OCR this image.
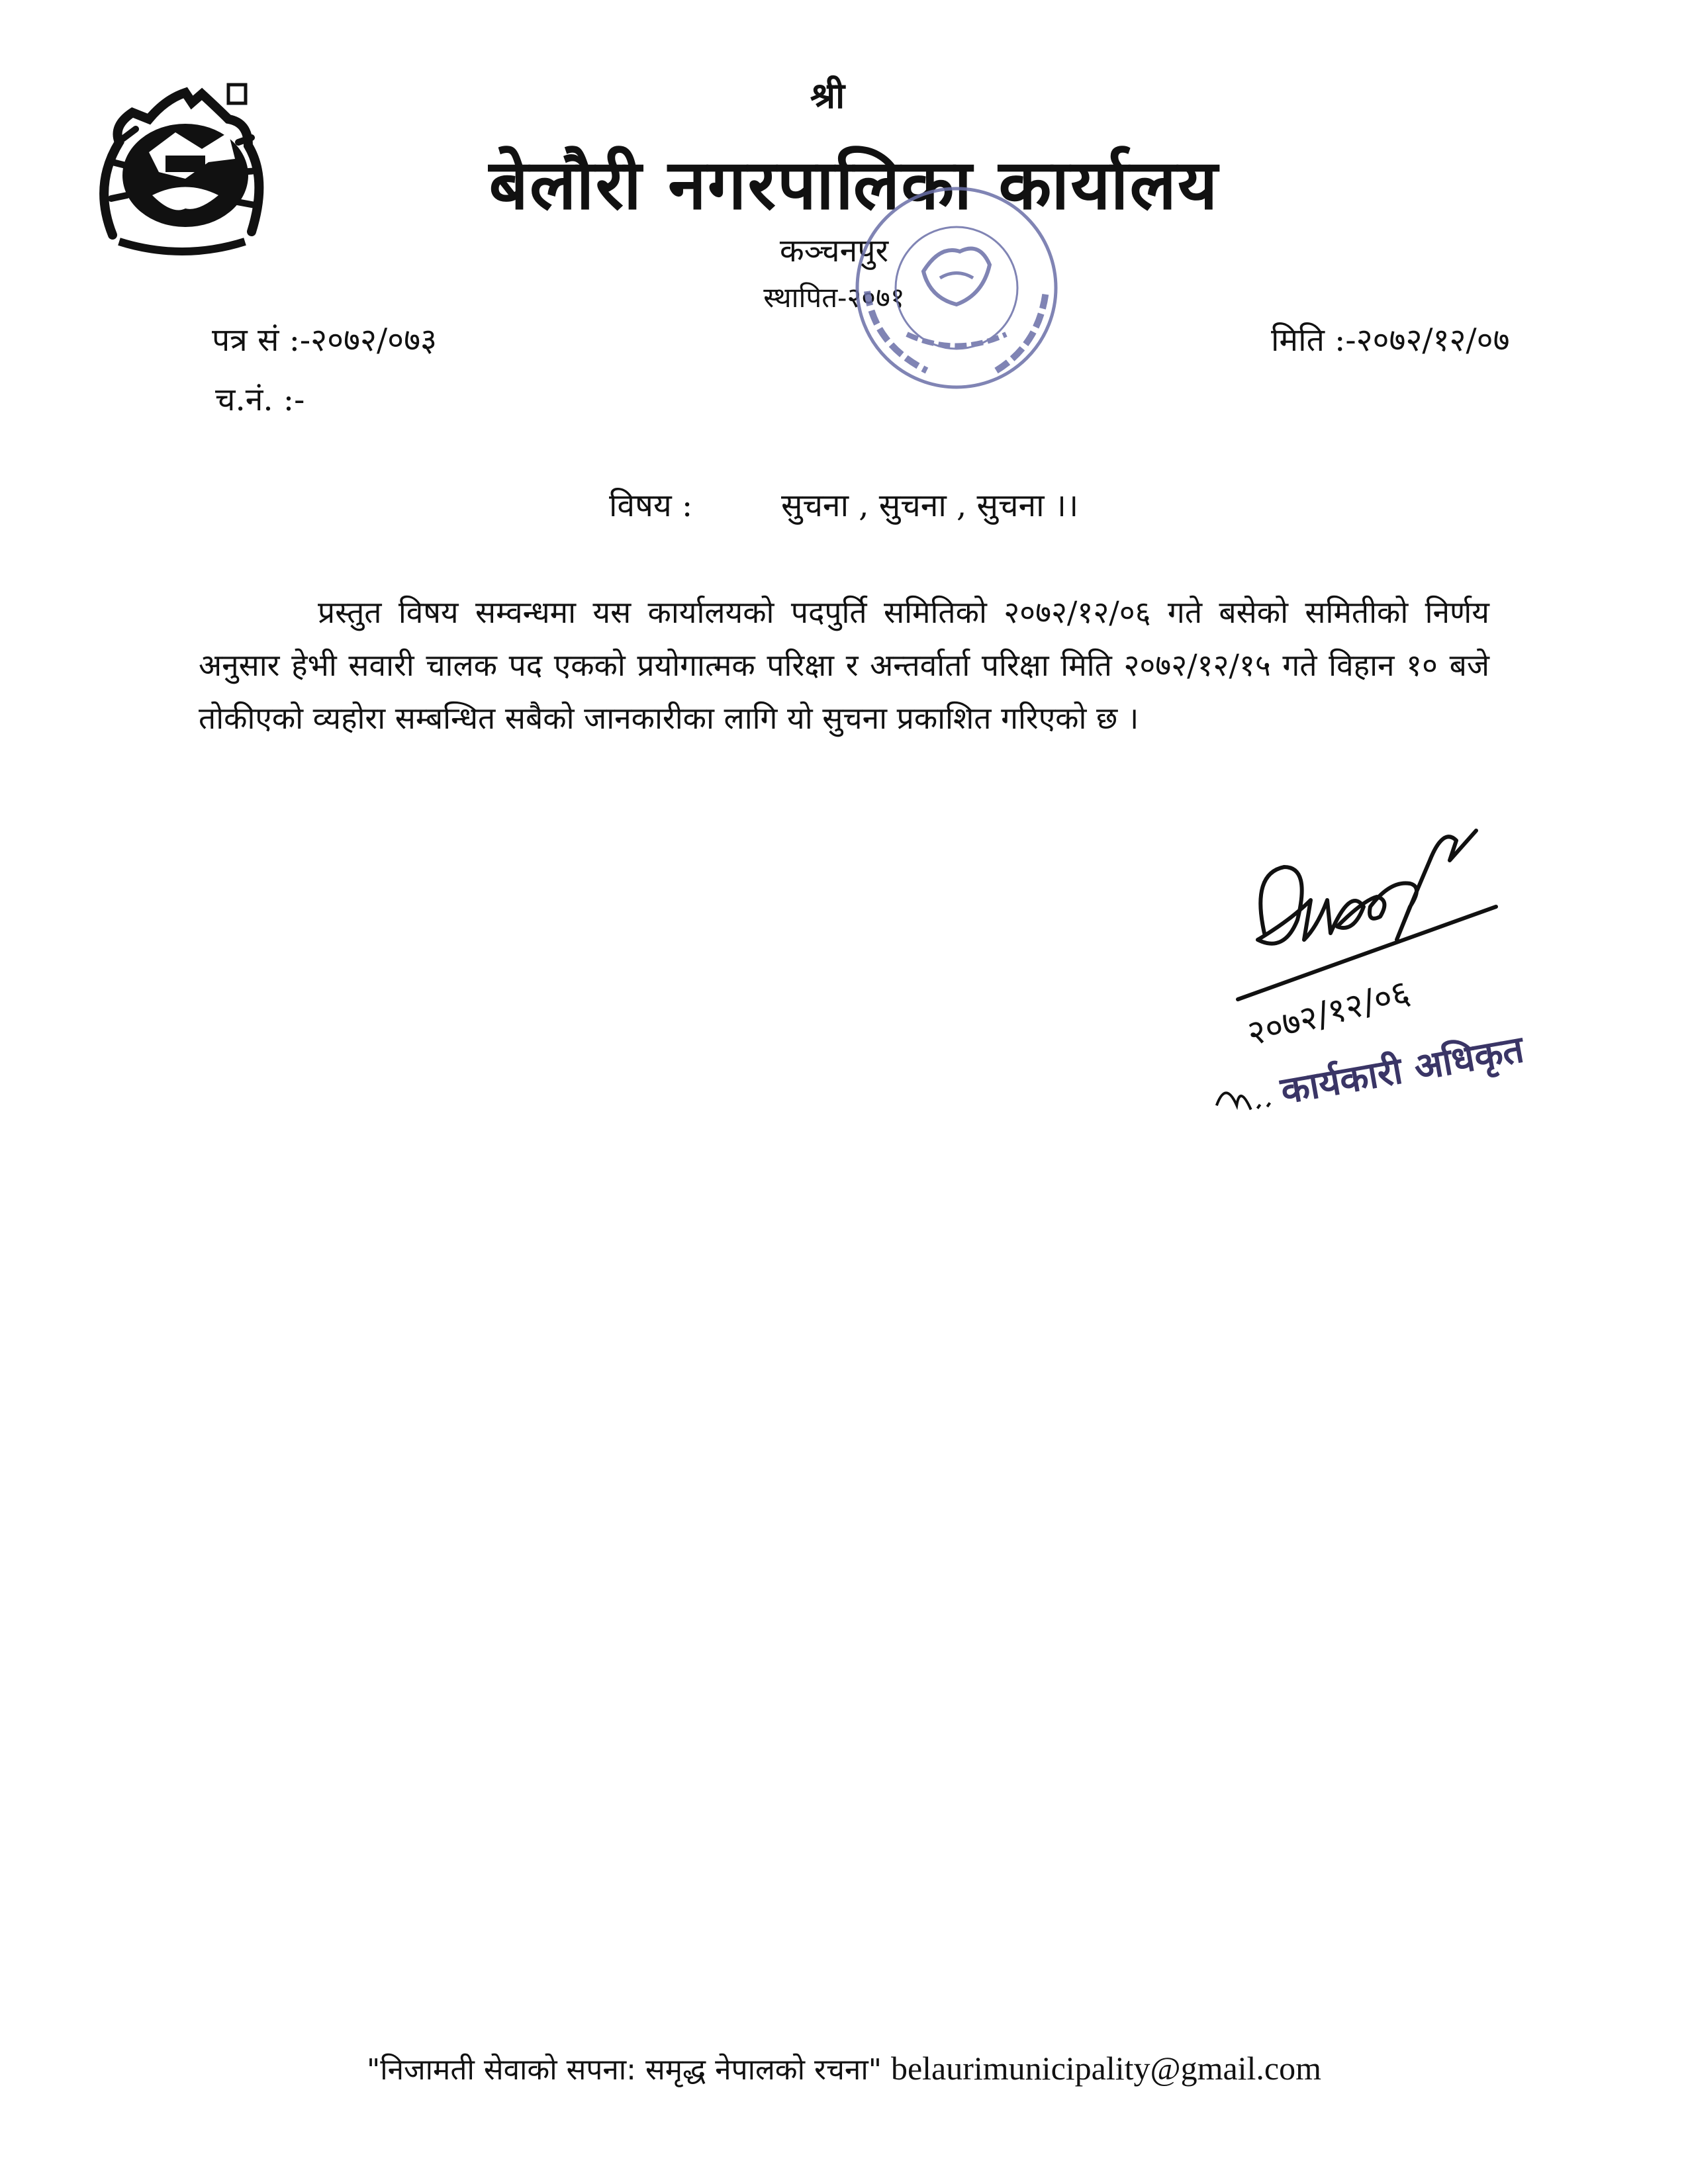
श्री
बेलौरी नगरपालिका कार्यालय
कञ्चनपुर
स्थापित-२०७१
पत्र सं :-२०७२/०७३
च.नं. :-
मिति :-२०७२/१२/०७
विषय :	सुचना , सुचना , सुचना ।।
प्रस्तुत विषय सम्वन्धमा यस कार्यालयको पदपुर्ति समितिको २०७२/१२/०६ गते बसेको समितीको निर्णय अनुसार हेभी सवारी चालक पद एकको प्रयोगात्मक परिक्षा र अन्तर्वार्ता परिक्षा मिति २०७२/१२/१५ गते विहान १० बजे तोकीएको व्यहोरा सम्बन्धित सबैको जानकारीका लागि यो सुचना प्रकाशित गरिएको छ ।
२०७२/१२/०६
कार्यकारी अधिकृत
"निजामती सेवाको सपना: समृद्ध नेपालको रचना" belaurimunicipality@gmail.com
